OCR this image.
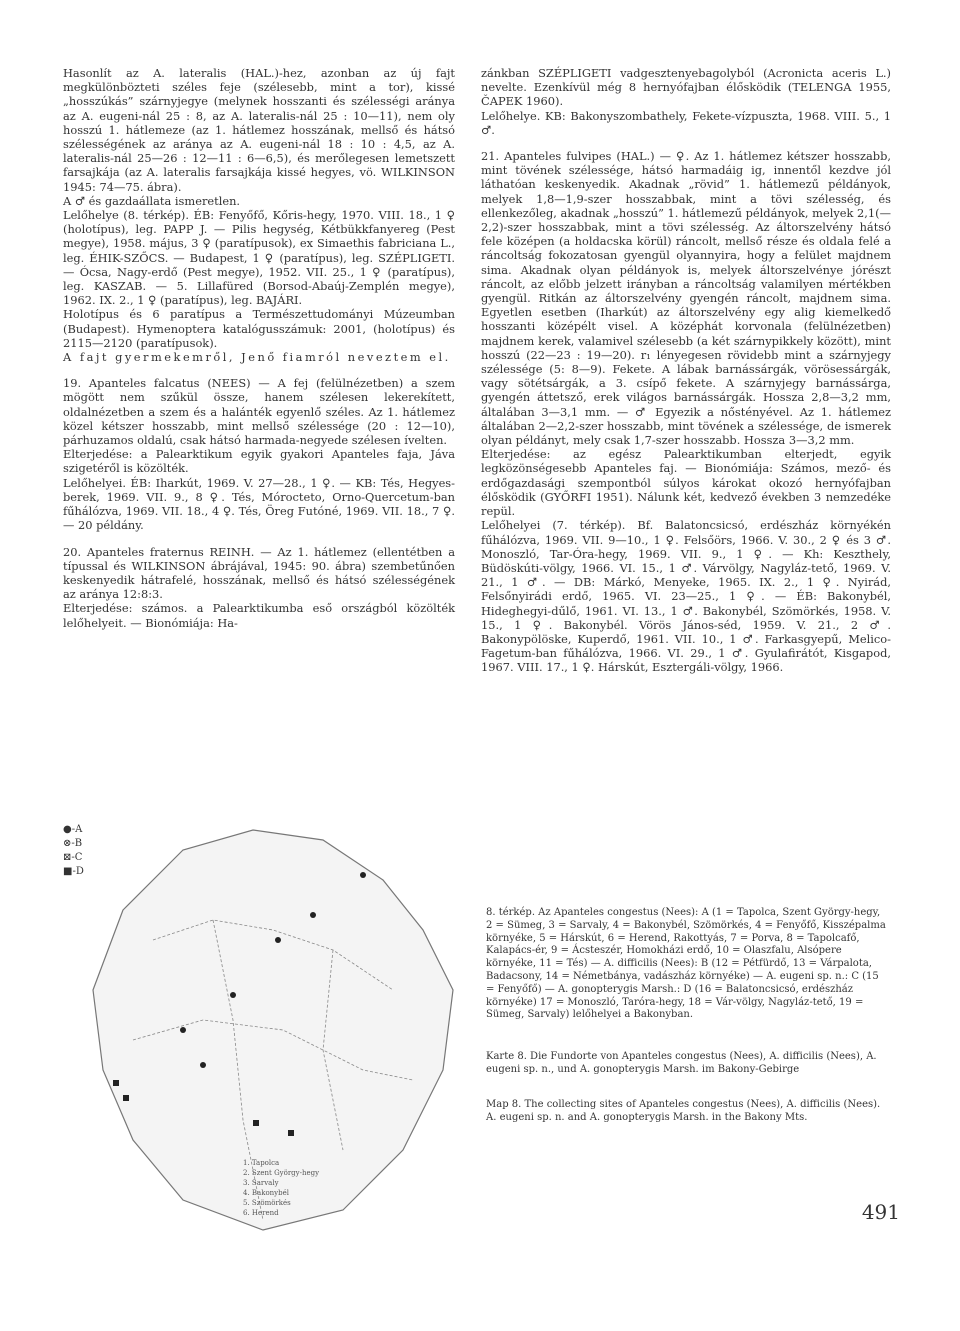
Hasonlít az A. lateralis (HAL.)-hez, azonban az új fajt megkülönbözteti széles feje (szélesebb, mint a tor), kissé „hosszúkás” szárnyjegye (melynek hosszanti és szélességi aránya az A. eugeni-nál 25 : 8, az A. lateralis-nál 25 : 10—11), nem oly hosszú 1. hátlemeze (az 1. hátlemez hosszának, mellső és hátsó szélességének az aránya az A. eugeni-nál 18 : 10 : 4,5, az A. lateralis-nál 25—26 : 12—11 : 6—6,5), és merőlegesen lemetszett farsajkája (az A. lateralis farsajkája kissé hegyes, vö. WILKINSON 1945: 74—75. ábra).

A ♂ és gazdaállata ismeretlen.

Lelőhelye (8. térkép). ÉB: Fenyőfő, Kőris-hegy, 1970. VIII. 18., 1 ♀ (holotípus), leg. PAPP J. — Pilis hegység, Kétbükkfanyereg (Pest megye), 1958. május, 3 ♀ (paratípusok), ex Simaethis fabriciana L., leg. ÉHIK-SZŐCS. — Budapest, 1 ♀ (paratípus), leg. SZÉPLIGETI. — Ócsa, Nagy-erdő (Pest megye), 1952. VII. 25., 1 ♀ (paratípus), leg. KASZAB. — 5. Lillafüred (Borsod-Abaúj-Zemplén megye), 1962. IX. 2., 1 ♀ (paratípus), leg. BAJÁRI.

Holotípus és 6 paratípus a Természettudományi Múzeumban (Budapest). Hymenoptera katalógusszámuk: 2001, (holotípus) és 2115—2120 (paratípusok).

A fajt gyermekemről, Jenő fiamról neveztem el.

19. Apanteles falcatus (NEES) — A fej (felülnézetben) a szem mögött nem szűkül össze, hanem szélesen lekerekített, oldalnézetben a szem és a halánték egyenlő széles. Az 1. hátlemez közel kétszer hosszabb, mint mellső szélessége (20 : 12—10), párhuzamos oldalú, csak hátsó harmada-negyede szélesen ívelten.

Elterjedése: a Palearktikum egyik gyakori Apanteles faja, Jáva szigetéről is közölték.

Lelőhelyei. ÉB: Iharkút, 1969. V. 27—28., 1 ♀. — KB: Tés, Hegyes-berek, 1969. VII. 9., 8 ♀. Tés, Mórocteto, Orno-Quercetum-ban fűhálózva, 1969. VII. 18., 4 ♀. Tés, Öreg Futóné, 1969. VII. 18., 7 ♀. — 20 példány.

20. Apanteles fraternus REINH. — Az 1. hátlemez (ellentétben a típussal és WILKINSON ábrájával, 1945: 90. ábra) szembetűnően keskenyedik hátrafelé, hosszának, mellső és hátsó szélességének az aránya 12:8:3.

Elterjedése: számos. a Palearktikumba eső országból közölték lelőhelyeit. — Bionómiája: Ha-

zánkban SZÉPLIGETI vadgesztenyebagolyból (Acronicta aceris L.) nevelte. Ezenkívül még 8 hernyófajban élősködik (TELENGA 1955, ČAPEK 1960).

Lelőhelye. KB: Bakonyszombathely, Fekete-vízpuszta, 1968. VIII. 5., 1 ♂.

21. Apanteles fulvipes (HAL.) — ♀. Az 1. hátlemez kétszer hosszabb, mint tövének szélessége, hátsó harmadáig ig, innentől kezdve jól láthatóan keskenyedik. Akadnak „rövid” 1. hátlemezű példányok, melyek 1,8—1,9-szer hosszabbak, mint a tövi szélesség, és ellenkezőleg, akadnak „hosszú” 1. hátlemezű példányok, melyek 2,1(—2,2)-szer hosszabbak, mint a tövi szélesség. Az áltorszelvény hátsó fele középen (a holdacska körül) ráncolt, mellső része és oldala felé a ráncoltság fokozatosan gyengül olyannyira, hogy a felület majdnem sima. Akadnak olyan példányok is, melyek áltorszelvénye jórészt ráncolt, az előbb jelzett irányban a ráncoltság valamilyen mértékben gyengül. Ritkán az áltorszelvény gyengén ráncolt, majdnem sima. Egyetlen esetben (Iharkút) az áltorszelvény egy alig kiemelkedő hosszanti középélt visel. A középhát korvonala (felülnézetben) majdnem kerek, valamivel szélesebb (a két szárnypikkely között), mint hosszú (22—23 : 19—20). r₁ lényegesen rövidebb mint a szárnyjegy szélessége (5: 8—9). Fekete. A lábak barnássárgák, vörösessárgák, vagy sötétsárgák, a 3. csípő fekete. A szárnyjegy barnássárga, gyengén áttetsző, erek világos barnássárgák. Hossza 2,8—3,2 mm, általában 3—3,1 mm. — ♂ Egyezik a nőstényével. Az 1. hátlemez általában 2—2,2-szer hosszabb, mint tövének a szélessége, de ismerek olyan példányt, mely csak 1,7-szer hosszabb. Hossza 3—3,2 mm.

Elterjedése: az egész Palearktikumban elterjedt, egyik legközönségesebb Apanteles faj. — Bionómiája: Számos, mező- és erdőgazdasági szempontból súlyos károkat okozó hernyófajban élősködik (GYŐRFI 1951). Nálunk két, kedvező években 3 nemzedéke repül.

Lelőhelyei (7. térkép). Bf. Balatoncsicsó, erdészház környékén fűhálózva, 1969. VII. 9—10., 1 ♀. Felsőörs, 1966. V. 30., 2 ♀ és 3 ♂. Monoszló, Tar-Óra-hegy, 1969. VII. 9., 1 ♀. — Kh: Keszthely, Büdöskúti-völgy, 1966. VI. 15., 1 ♂. Várvölgy, Nagyláz-tető, 1969. V. 21., 1 ♂. — DB: Márkó, Menyeke, 1965. IX. 2., 1 ♀. Nyirád, Felsőnyirádi erdő, 1965. VI. 23—25., 1 ♀. — ÉB: Bakonybél, Hideghegyi-dűlő, 1961. VI. 13., 1 ♂. Bakonybél, Szömörkés, 1958. V. 15., 1 ♀. Bakonybél. Vörös János-séd, 1959. V. 21., 2 ♂. Bakonypölöske, Kuperdő, 1961. VII. 10., 1 ♂. Farkasgyepű, Melico-Fagetum-ban fűhálózva, 1966. VI. 29., 1 ♂. Gyulafirátót, Kisgapod, 1967. VIII. 17., 1 ♀. Hárskút, Esztergáli-völgy, 1966.

●-A
⊗-B
⊠-C
■-D
1. Tapolca
2. Szent György-hegy
3. Sarvaly
4. Bakonybél
5. Szömörkés
6. Herend
8. térkép. Az Apanteles congestus (Nees): A (1 = Tapolca, Szent György-hegy, 2 = Sümeg, 3 = Sarvaly, 4 = Bakonybél, Szömörkés, 4 = Fenyőfő, Kisszépalma környéke, 5 = Hárskút, 6 = Herend, Rakottyás, 7 = Porva, 8 = Tapolcafő, Kalapács-ér, 9 = Ácsteszér, Homokházi erdő, 10 = Olaszfalu, Alsópere környéke, 11 = Tés) — A. difficilis (Nees): B (12 = Pétfürdő, 13 = Várpalota, Badacsony, 14 = Németbánya, vadászház környéke) — A. eugeni sp. n.: C (15 = Fenyőfő) — A. gonopterygis Marsh.: D (16 = Balatoncsicsó, erdészház környéke) 17 = Monoszló, Taróra-hegy, 18 = Vár-völgy, Nagyláz-tető, 19 = Sümeg, Sarvaly) lelőhelyei a Bakonyban.
Karte 8. Die Fundorte von Apanteles congestus (Nees), A. difficilis (Nees), A. eugeni sp. n., und A. gonopterygis Marsh. im Bakony-Gebirge
Map 8. The collecting sites of Apanteles congestus (Nees), A. difficilis (Nees). A. eugeni sp. n. and A. gonopterygis Marsh. in the Bakony Mts.
491
